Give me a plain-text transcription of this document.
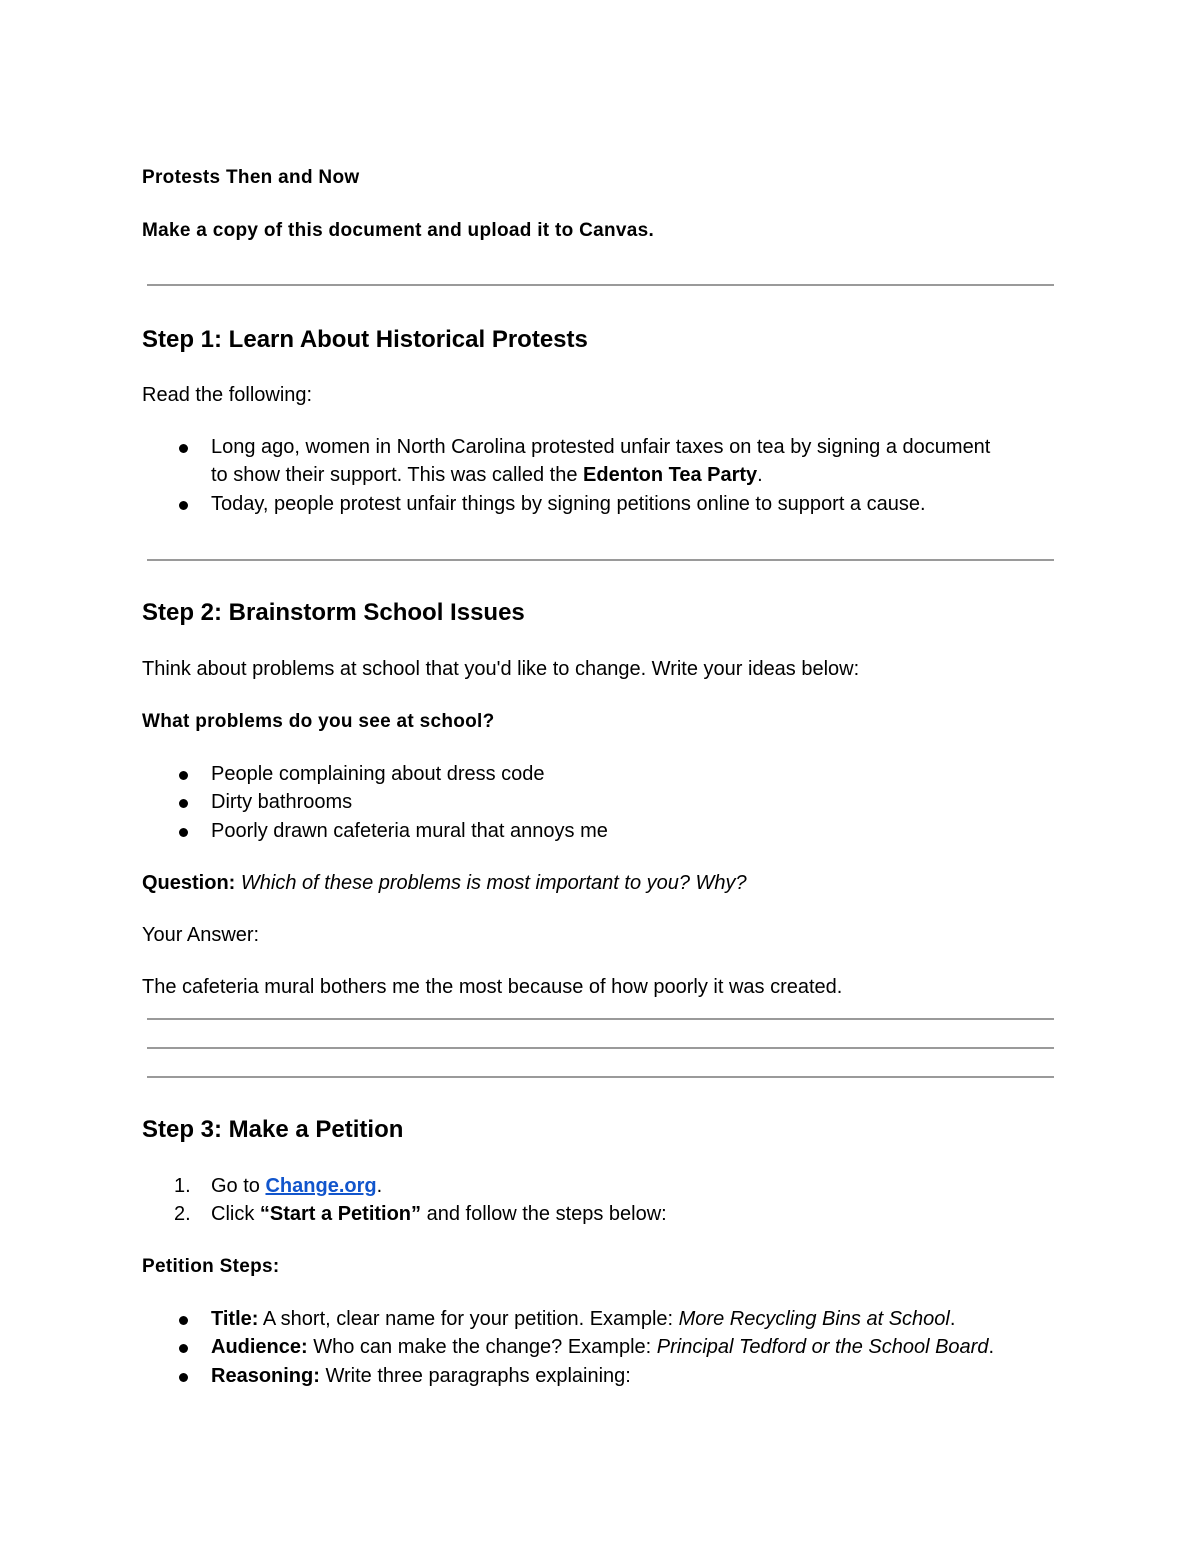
Protests Then and Now
Make a copy of this document and upload it to Canvas.
Step 1: Learn About Historical Protests
Read the following:
Long ago, women in North Carolina protested unfair taxes on tea by signing a document
to show their support. This was called the Edenton Tea Party.
Today, people protest unfair things by signing petitions online to support a cause.
Step 2: Brainstorm School Issues
Think about problems at school that you'd like to change. Write your ideas below:
What problems do you see at school?
People complaining about dress code
Dirty bathrooms
Poorly drawn cafeteria mural that annoys me
Question: Which of these problems is most important to you? Why?
Your Answer:
The cafeteria mural bothers me the most because of how poorly it was created.
Step 3: Make a Petition
1. Go to Change.org.
2. Click “Start a Petition” and follow the steps below:
Petition Steps:
Title: A short, clear name for your petition. Example: More Recycling Bins at School.
Audience: Who can make the change? Example: Principal Tedford or the School Board.
Reasoning: Write three paragraphs explaining:
